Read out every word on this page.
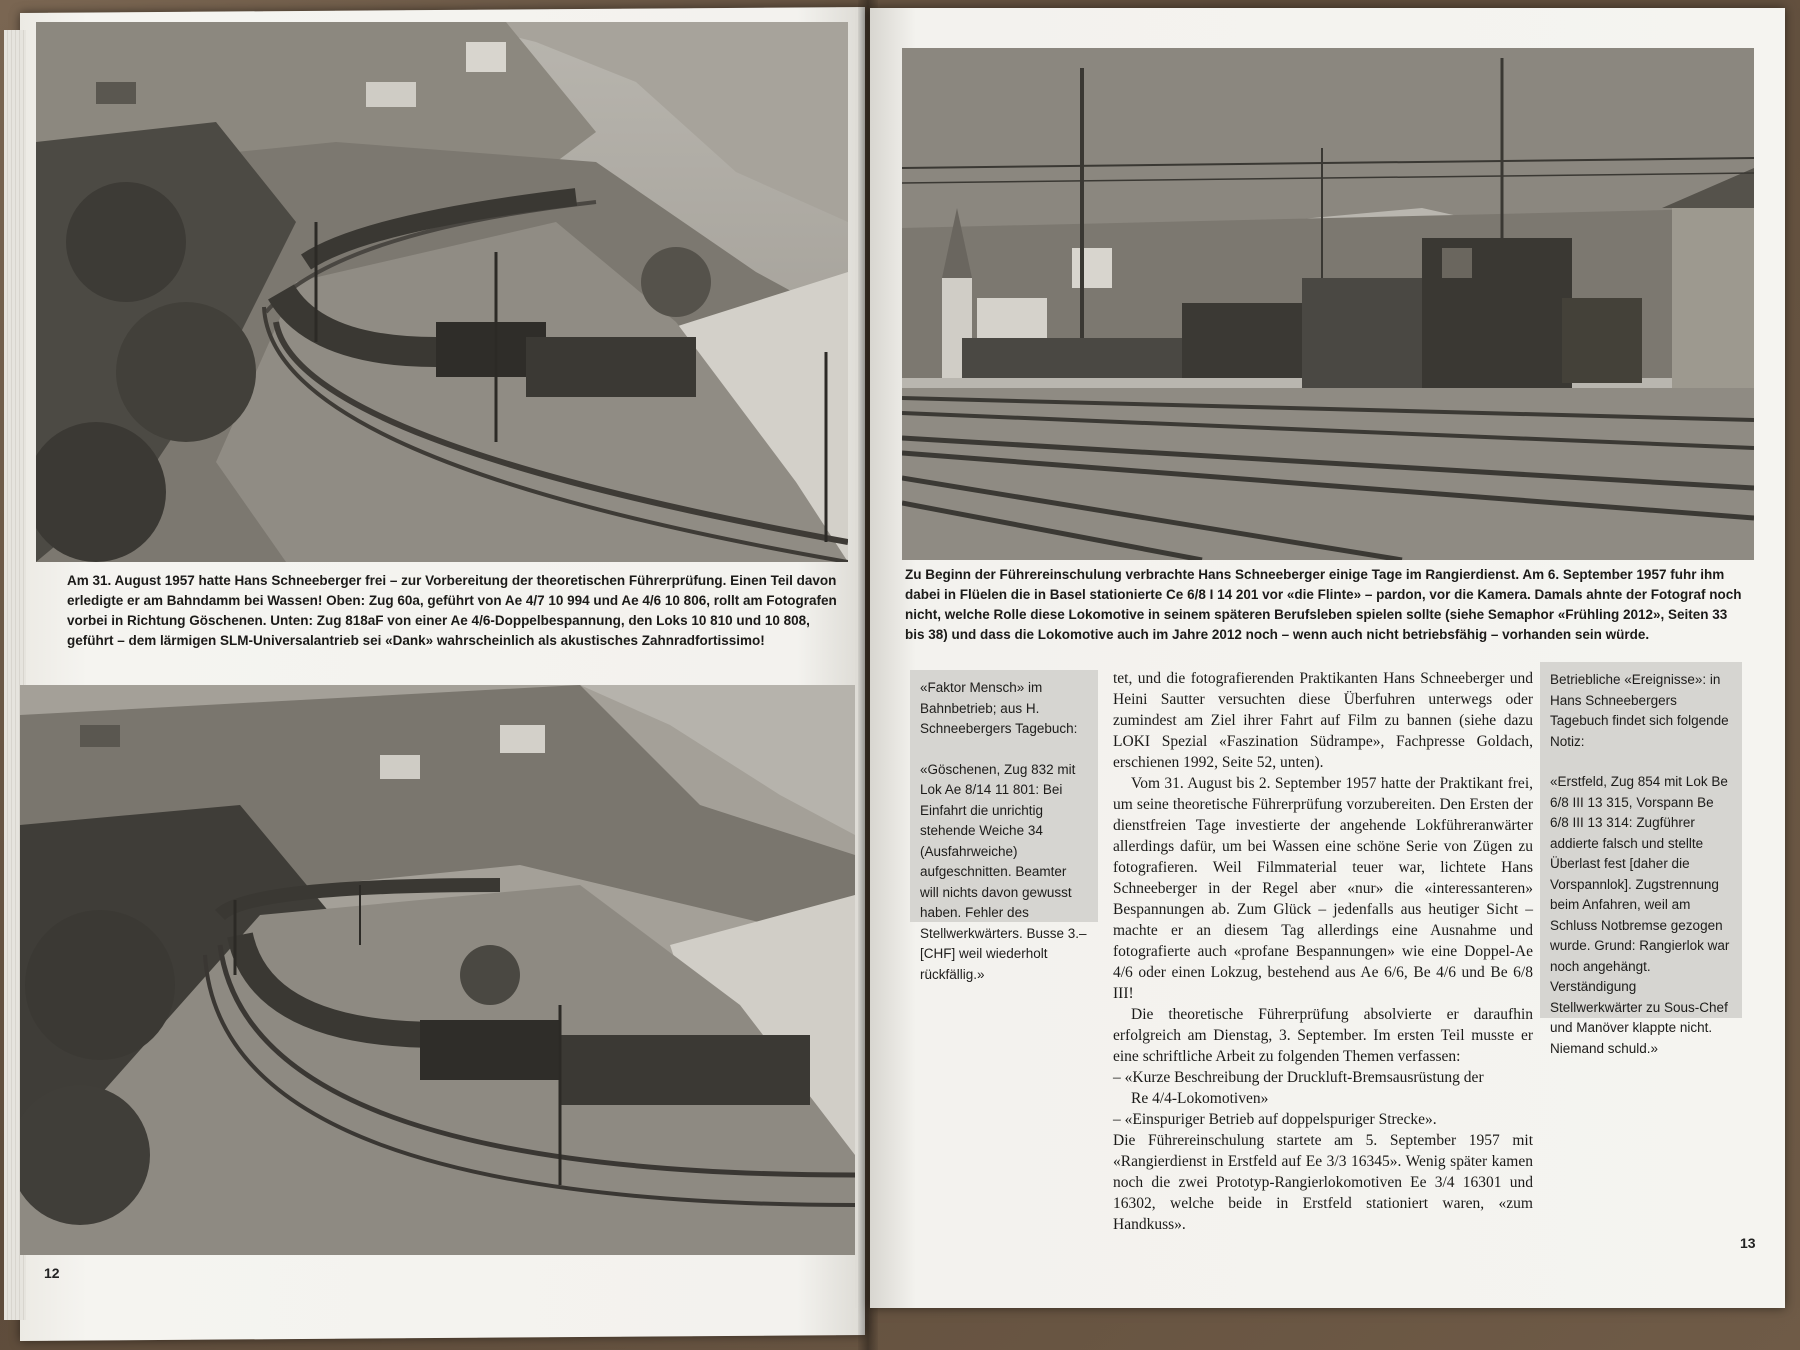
Am 31. August 1957 hatte Hans Schneeberger frei – zur Vorbereitung der theoretischen Führerprüfung. Einen Teil davon erledigte er am Bahndamm bei Wassen! Oben: Zug 60a, geführt von Ae 4/7 10 994 und Ae 4/6 10 806, rollt am Fotografen vorbei in Richtung Göschenen. Unten: Zug 818aF von einer Ae 4/6-Doppelbespannung, den Loks 10 810 und 10 808, geführt – dem lärmigen SLM-Universalantrieb sei «Dank» wahrscheinlich als akustisches Zahnradfortissimo!
12
Zu Beginn der Führereinschulung verbrachte Hans Schneeberger einige Tage im Rangierdienst. Am 6. September 1957 fuhr ihm dabei in Flüelen die in Basel stationierte Ce 6/8 I 14 201 vor «die Flinte» – pardon, vor die Kamera. Damals ahnte der Fotograf noch nicht, welche Rolle diese Lokomotive in seinem späteren Berufsleben spielen sollte (siehe Semaphor «Frühling 2012», Seiten 33 bis 38) und dass die Lokomotive auch im Jahre 2012 noch – wenn auch nicht betriebsfähig – vorhanden sein würde.

«Faktor Mensch» im Bahnbetrieb; aus H. Schneebergers Tagebuch:

«Göschenen, Zug 832 mit Lok Ae 8/14 11 801: Bei Einfahrt die unrichtig stehende Weiche 34 (Ausfahrweiche) aufgeschnitten. Beamter will nichts davon gewusst haben. Fehler des Stellwerkwärters. Busse 3.– [CHF] weil wiederholt rückfällig.»

tet, und die fotografierenden Praktikanten Hans Schneeberger und Heini Sautter versuchten diese Überfuhren unterwegs oder zumindest am Ziel ihrer Fahrt auf Film zu bannen (siehe dazu LOKI Spezial «Faszination Südrampe», Fachpresse Goldach, erschienen 1992, Seite 52, unten).

Vom 31. August bis 2. September 1957 hatte der Praktikant frei, um seine theoretische Führerprüfung vorzubereiten. Den Ersten der dienstfreien Tage investierte der angehende Lokführeranwärter allerdings dafür, um bei Wassen eine schöne Serie von Zügen zu fotografieren. Weil Filmmaterial teuer war, lichtete Hans Schneeberger in der Regel aber «nur» die «interessanteren» Bespannungen ab. Zum Glück – jedenfalls aus heutiger Sicht – machte er an diesem Tag allerdings eine Ausnahme und fotografierte auch «profane Bespannungen» wie eine Doppel-Ae 4/6 oder einen Lokzug, bestehend aus Ae 6/6, Be 4/6 und Be 6/8 III!

Die theoretische Führerprüfung absolvierte er daraufhin erfolgreich am Dienstag, 3. September. Im ersten Teil musste er eine schriftliche Arbeit zu folgenden Themen verfassen:

– «Kurze Beschreibung der Druckluft-Bremsausrüstung der

Re 4/4-Lokomotiven»

– «Einspuriger Betrieb auf doppelspuriger Strecke».

Die Führereinschulung startete am 5. September 1957 mit «Rangierdienst in Erstfeld auf Ee 3/3 16345». Wenig später kamen noch die zwei Prototyp-Rangierlokomotiven Ee 3/4 16301 und 16302, welche beide in Erstfeld stationiert waren, «zum Handkuss».

Betriebliche «Ereignisse»: in Hans Schneebergers Tagebuch findet sich folgende Notiz:

«Erstfeld, Zug 854 mit Lok Be 6/8 III 13 315, Vorspann Be 6/8 III 13 314: Zugführer addierte falsch und stellte Überlast fest [daher die Vorspannlok]. Zugstrennung beim Anfahren, weil am Schluss Notbremse gezogen wurde. Grund: Rangierlok war noch angehängt. Verständigung Stellwerkwärter zu Sous-Chef und Manöver klappte nicht. Niemand schuld.»

13
